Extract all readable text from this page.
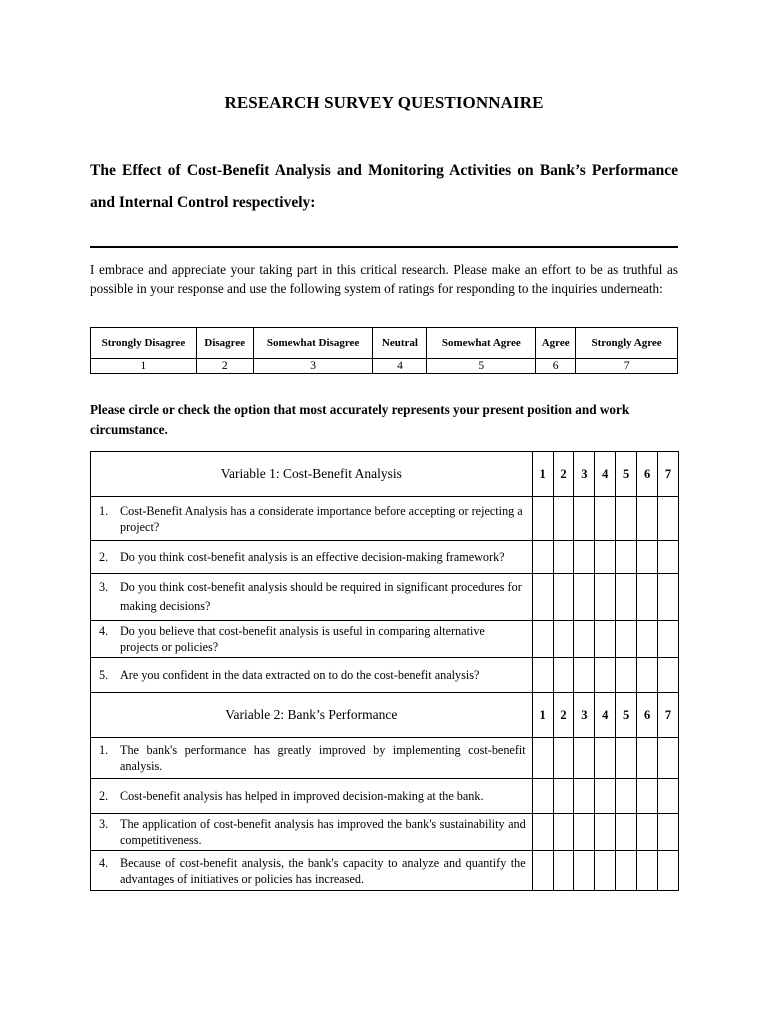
RESEARCH SURVEY QUESTIONNAIRE
The Effect of Cost-Benefit Analysis and Monitoring Activities on Bank’s Performance and Internal Control respectively:
I embrace and appreciate your taking part in this critical research. Please make an effort to be as truthful as possible in your response and use the following system of ratings for responding to the inquiries underneath:
Strongly Disagree	Disagree	Somewhat Disagree	Neutral	Somewhat Agree	Agree	Strongly Agree
1	2	3	4	5	6	7
Please circle or check the option that most accurately represents your present position and work circumstance.
Variable 1: Cost-Benefit Analysis	1	2	3	4	5	6	7

1. Cost-Benefit Analysis has a considerate importance before accepting or rejecting a project?							

2. Do you think cost-benefit analysis is an effective decision-making framework?							

3. Do you think cost-benefit analysis should be required in significant procedures for making decisions?							

4. Do you believe that cost-benefit analysis is useful in comparing alternative projects or policies?							

5. Are you confident in the data extracted on to do the cost-benefit analysis?							

Variable 2: Bank’s Performance	1	2	3	4	5	6	7

1. The bank's performance has greatly improved by implementing cost-benefit analysis.							

2. Cost-benefit analysis has helped in improved decision-making at the bank.							

3. The application of cost-benefit analysis has improved the bank's sustainability and competitiveness.							

4. Because of cost-benefit analysis, the bank's capacity to analyze and quantify the advantages of initiatives or policies has increased.							
